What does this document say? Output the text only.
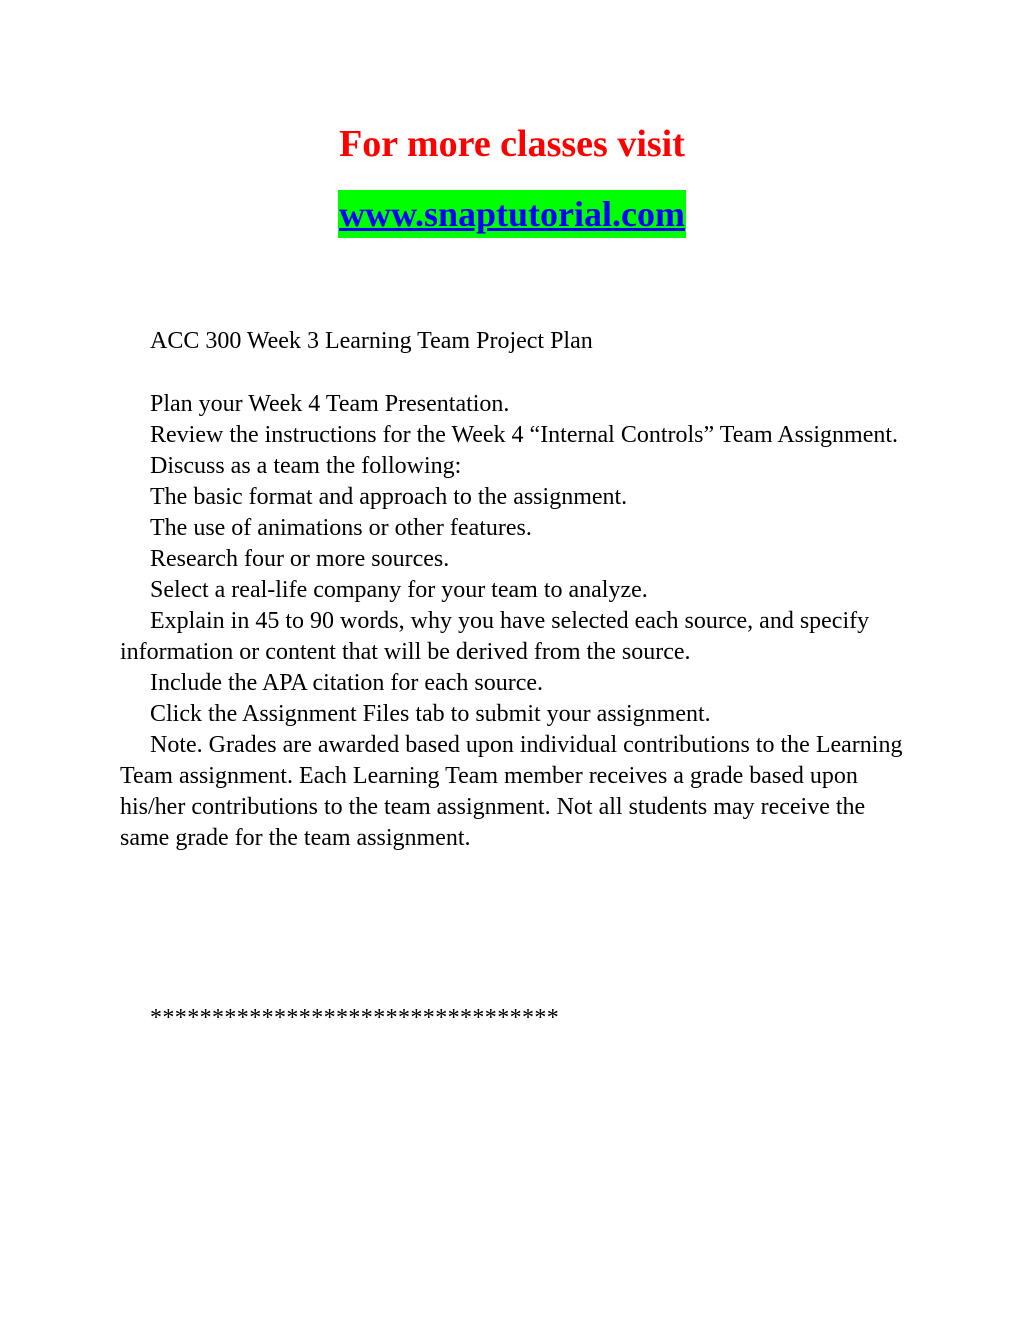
For more classes visit
www.snaptutorial.com
ACC 300 Week 3 Learning Team Project Plan

Plan your Week 4 Team Presentation.

Review the instructions for the Week 4 “Internal Controls” Team Assignment.

Discuss as a team the following:

The basic format and approach to the assignment.

The use of animations or other features.

Research four or more sources.

Select a real-life company for your team to analyze.

Explain in 45 to 90 words, why you have selected each source, and specify information or content that will be derived from the source.

Include the APA citation for each source.

Click the Assignment Files tab to submit your assignment.

Note. Grades are awarded based upon individual contributions to the Learning Team assignment. Each Learning Team member receives a grade based upon his/her contributions to the team assignment. Not all students may receive the same grade for the team assignment.

*********************************
